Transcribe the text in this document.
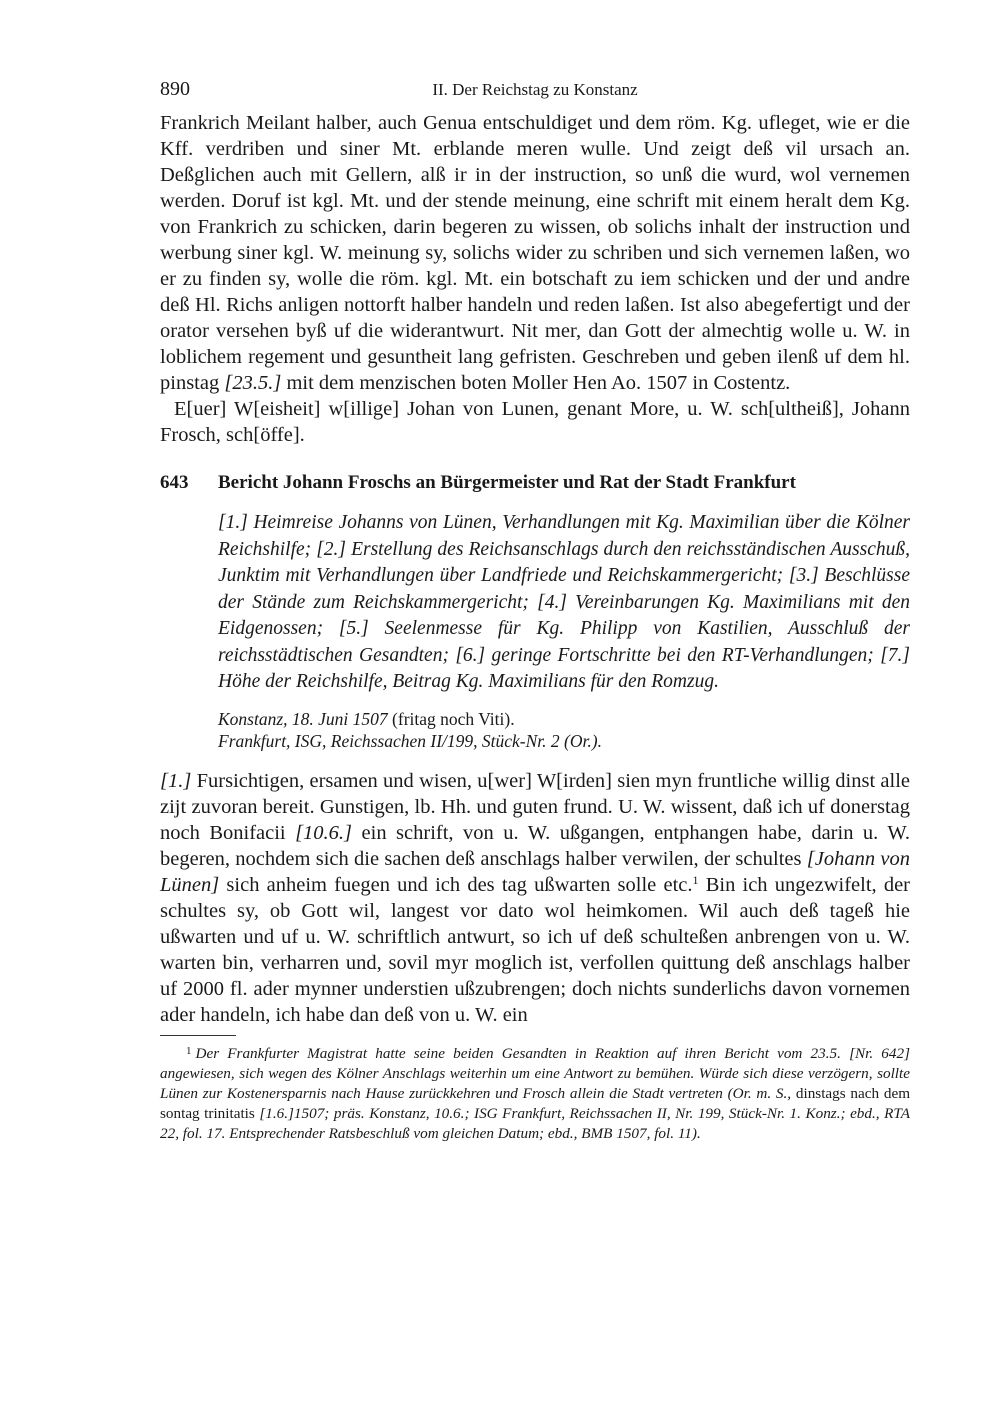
890	II. Der Reichstag zu Konstanz

Frankrich Meilant halber, auch Genua entschuldiget und dem röm. Kg. ufleget, wie er die Kff. verdriben und siner Mt. erblande meren wulle. Und zeigt deß vil ursach an. Deßglichen auch mit Gellern, alß ir in der instruction, so unß die wurd, wol vernemen werden. Doruf ist kgl. Mt. und der stende meinung, eine schrift mit einem heralt dem Kg. von Frankrich zu schicken, darin begeren zu wissen, ob solichs inhalt der instruction und werbung siner kgl. W. meinung sy, solichs wider zu schriben und sich vernemen laßen, wo er zu finden sy, wolle die röm. kgl. Mt. ein botschaft zu iem schicken und der und andre deß Hl. Richs anligen nottorft halber handeln und reden laßen. Ist also abegefertigt und der orator versehen byß uf die widerantwurt. Nit mer, dan Gott der almechtig wolle u. W. in loblichem regement und gesuntheit lang gefristen. Geschreben und geben ilenß uf dem hl. pinstag [23.5.] mit dem menzischen boten Moller Hen Ao. 1507 in Costentz.

E[uer] W[eisheit] w[illige] Johan von Lunen, genant More, u. W. sch[ultheiß], Johann Frosch, sch[öffe].

643	Bericht Johann Froschs an Bürgermeister und Rat der Stadt Frankfurt

[1.] Heimreise Johanns von Lünen, Verhandlungen mit Kg. Maximilian über die Kölner Reichshilfe; [2.] Erstellung des Reichsanschlags durch den reichsständischen Ausschuß, Junktim mit Verhandlungen über Landfriede und Reichskammergericht; [3.] Beschlüsse der Stände zum Reichskammergericht; [4.] Vereinbarungen Kg. Maximilians mit den Eidgenossen; [5.] Seelenmesse für Kg. Philipp von Kastilien, Ausschluß der reichsstädtischen Gesandten; [6.] geringe Fortschritte bei den RT-Verhandlungen; [7.] Höhe der Reichshilfe, Beitrag Kg. Maximilians für den Romzug.

Konstanz, 18. Juni 1507 (fritag noch Viti).
Frankfurt, ISG, Reichssachen II/199, Stück-Nr. 2 (Or.).

[1.] Fursichtigen, ersamen und wisen, u[wer] W[irden] sien myn fruntliche willig dinst alle zijt zuvoran bereit. Gunstigen, lb. Hh. und guten frund. U. W. wissent, daß ich uf donerstag noch Bonifacii [10.6.] ein schrift, von u. W. ußgangen, entphangen habe, darin u. W. begeren, nochdem sich die sachen deß anschlags halber verwilen, der schultes [Johann von Lünen] sich anheim fuegen und ich des tag ußwarten solle etc.$^1$ Bin ich ungezwifelt, der schultes sy, ob Gott wil, langest vor dato wol heimkomen. Wil auch deß tageß hie ußwarten und uf u. W. schriftlich antwurt, so ich uf deß schulteßen anbrengen von u. W. warten bin, verharren und, sovil myr moglich ist, verfollen quittung deß anschlags halber uf 2000 fl. ader mynner understien ußzubrengen; doch nichts sunderlichs davon vornemen ader handeln, ich habe dan deß von u. W. ein

$^1$ Der Frankfurter Magistrat hatte seine beiden Gesandten in Reaktion auf ihren Bericht vom 23.5. [Nr. 642] angewiesen, sich wegen des Kölner Anschlags weiterhin um eine Antwort zu bemühen. Würde sich diese verzögern, sollte Lünen zur Kostenersparnis nach Hause zurückkehren und Frosch allein die Stadt vertreten (Or. m. S., dinstags nach dem sontag trinitatis [1.6.]1507; präs. Konstanz, 10.6.; ISG Frankfurt, Reichssachen II, Nr. 199, Stück-Nr. 1. Konz.; ebd., RTA 22, fol. 17. Entsprechender Ratsbeschluß vom gleichen Datum; ebd., BMB 1507, fol. 11).
